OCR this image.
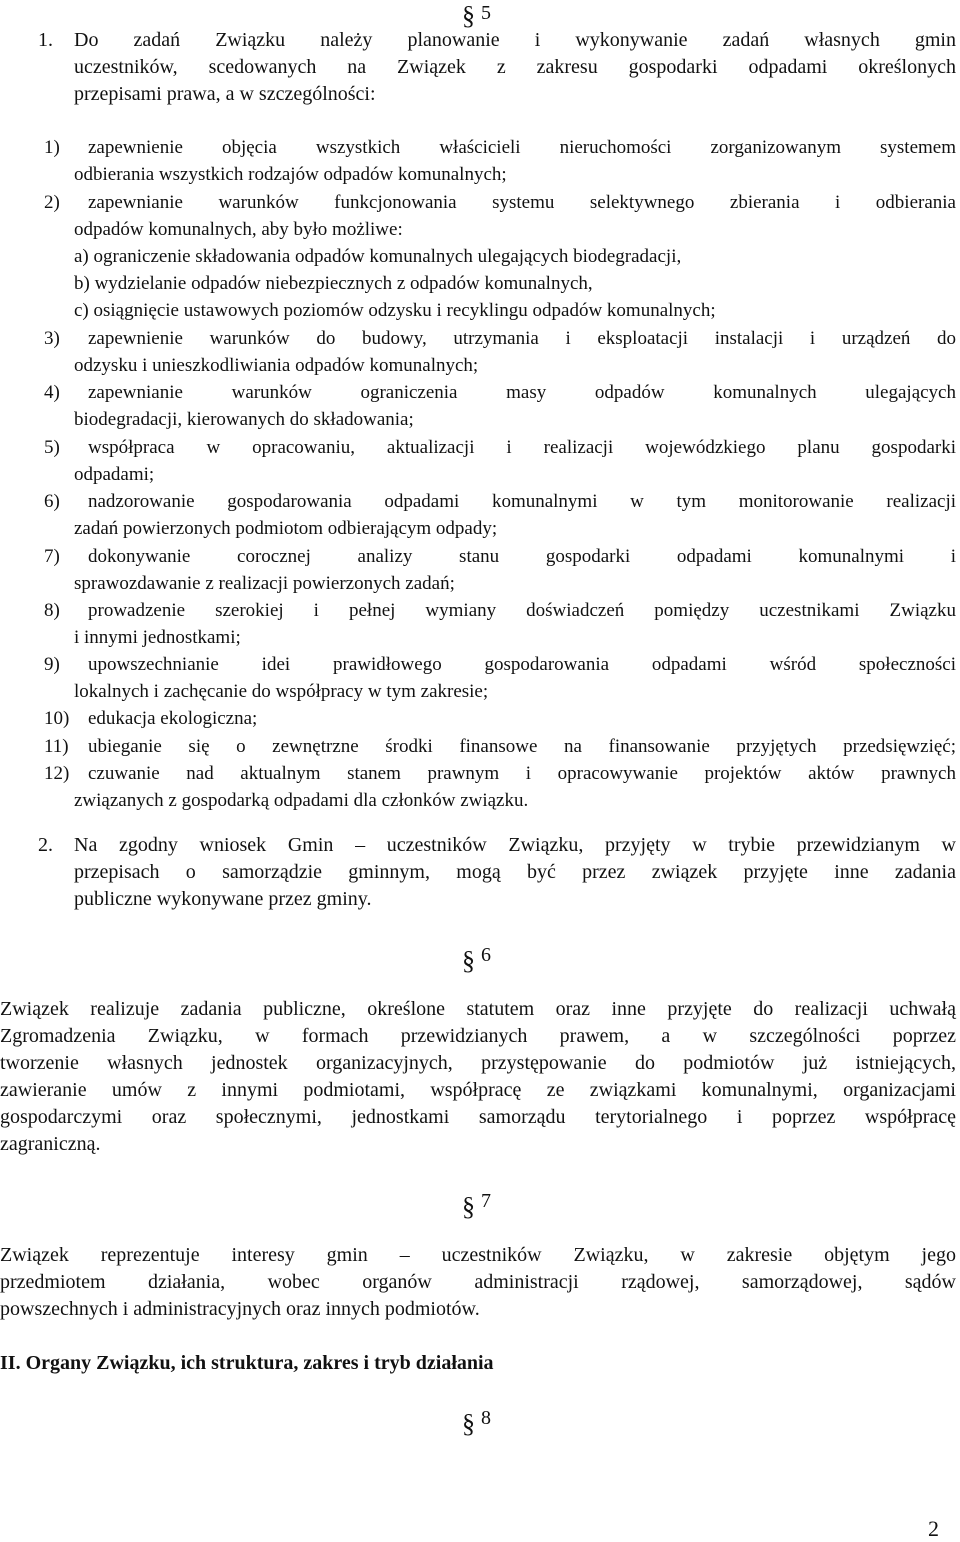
§ 5

1. Do zadań Związku należy planowanie i wykonywanie zadań własnych gmin

uczestników, scedowanych na Związek z zakresu gospodarki odpadami określonych

przepisami prawa, a w szczególności:

1) zapewnienie objęcia wszystkich właścicieli nieruchomości zorganizowanym systemem

odbierania wszystkich rodzajów odpadów komunalnych;

2) zapewnianie warunków funkcjonowania systemu selektywnego zbierania i odbierania

odpadów komunalnych, aby było możliwe:

a) ograniczenie składowania odpadów komunalnych ulegających biodegradacji,

b) wydzielanie odpadów niebezpiecznych z odpadów komunalnych,

c) osiągnięcie ustawowych poziomów odzysku i recyklingu odpadów komunalnych;

3) zapewnienie warunków do budowy, utrzymania i eksploatacji instalacji i urządzeń do

odzysku i unieszkodliwiania odpadów komunalnych;

4) zapewnianie warunków ograniczenia masy odpadów komunalnych ulegających

biodegradacji, kierowanych do składowania;

5) współpraca w opracowaniu, aktualizacji i realizacji wojewódzkiego planu gospodarki

odpadami;

6) nadzorowanie gospodarowania odpadami komunalnymi w tym monitorowanie realizacji

zadań powierzonych podmiotom odbierającym odpady;

7) dokonywanie corocznej analizy stanu gospodarki odpadami komunalnymi i

sprawozdawanie z realizacji powierzonych zadań;

8) prowadzenie szerokiej i pełnej wymiany doświadczeń pomiędzy uczestnikami Związku

i innymi jednostkami;

9) upowszechnianie idei prawidłowego gospodarowania odpadami wśród społeczności

lokalnych i zachęcanie do współpracy w tym zakresie;

10) edukacja ekologiczna;

11) ubieganie się o zewnętrzne środki finansowe na finansowanie przyjętych przedsięwzięć;

12) czuwanie nad aktualnym stanem prawnym i opracowywanie projektów aktów prawnych

związanych z gospodarką odpadami dla członków związku.

2. Na zgodny wniosek Gmin – uczestników Związku, przyjęty w trybie przewidzianym w

przepisach o samorządzie gminnym, mogą być przez związek przyjęte inne zadania

publiczne wykonywane przez gminy.

§ 6

Związek realizuje zadania publiczne, określone statutem oraz inne przyjęte do realizacji uchwałą

Zgromadzenia Związku, w formach przewidzianych prawem, a w szczególności poprzez

tworzenie własnych jednostek organizacyjnych, przystępowanie do podmiotów już istniejących,

zawieranie umów z innymi podmiotami, współpracę ze związkami komunalnymi, organizacjami

gospodarczymi oraz społecznymi, jednostkami samorządu terytorialnego i poprzez współpracę

zagraniczną.

§ 7

Związek reprezentuje interesy gmin – uczestników Związku, w zakresie objętym jego

przedmiotem działania, wobec organów administracji rządowej, samorządowej, sądów

powszechnych i administracyjnych oraz innych podmiotów.

II. Organy Związku, ich struktura, zakres i tryb działania

§ 8
2
